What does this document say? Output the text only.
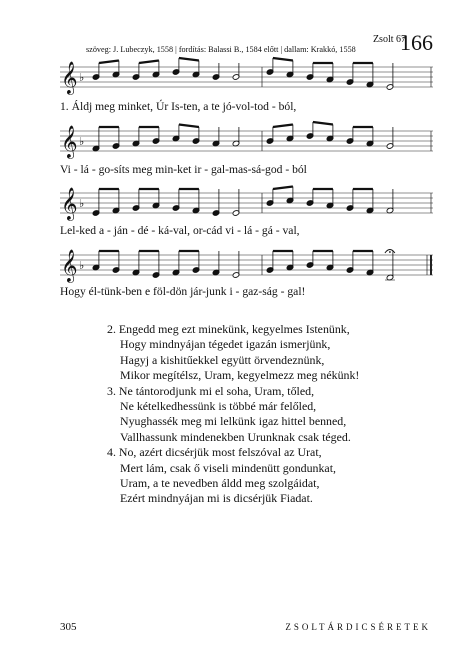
Zsolt 67
166
szöveg: J. Lubeczyk, 1558 | fordítás: Balassi B., 1584 előtt | dallam: Krakkó, 1558
𝄞 ♭
1. Áldj meg minket, Úr Is-ten, a te jó-vol-tod - ból,
𝄞 ♭
Vi - lá - go-síts meg min-ket ir - gal-mas-sá-god - ból
𝄞 ♭
Lel-ked a - ján - dé - ká-val, or-cád vi - lá - gá - val,
𝄞 ♭
Hogy él-tünk-ben e föl-dön jár-junk i - gaz-ság - gal!

2. Engedd meg ezt minekünk, kegyelmes Istenünk,
Hogy mindnyájan tégedet igazán ismerjünk,
Hagyj a kishitűekkel együtt örvendeznünk,
Mikor megítélsz, Uram, kegyelmezz meg nékünk!

3. Ne tántorodjunk mi el soha, Uram, tőled,
Ne kételkedhessünk is többé már felőled,
Nyughassék meg mi lelkünk igaz hittel benned,
Vallhassunk mindenekben Urunknak csak téged.

4. No, azért dicsérjük most felszóval az Urat,
Mert lám, csak ő viseli mindenütt gondunkat,
Uram, a te nevedben áldd meg szolgáidat,
Ezért mindnyájan mi is dicsérjük Fiadat.

305	ZSOLTÁRDICSÉRETEK
